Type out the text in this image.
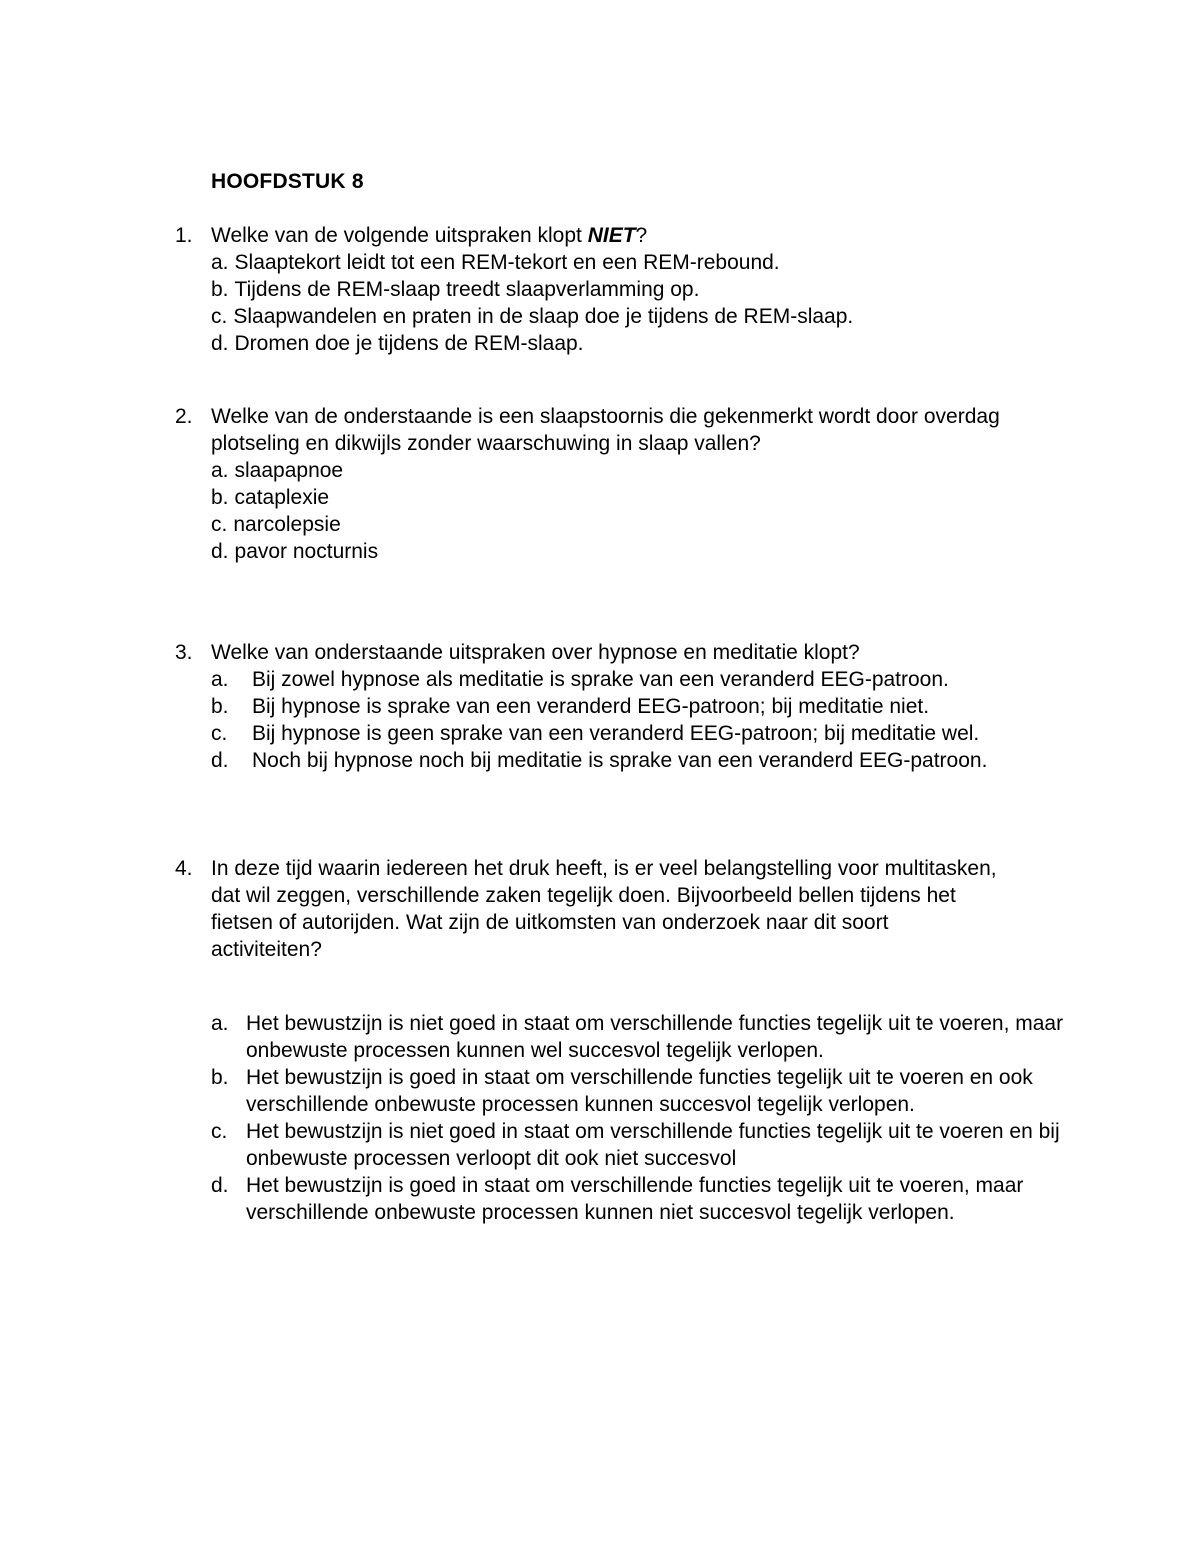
HOOFDSTUK 8
1. Welke van de volgende uitspraken klopt NIET?
a. Slaaptekort leidt tot een REM-tekort en een REM-rebound.
b. Tijdens de REM-slaap treedt slaapverlamming op.
c. Slaapwandelen en praten in de slaap doe je tijdens de REM-slaap.
d. Dromen doe je tijdens de REM-slaap.
2. Welke van de onderstaande is een slaapstoornis die gekenmerkt wordt door overdag plotseling en dikwijls zonder waarschuwing in slaap vallen?
a. slaapapnoe
b. cataplexie
c. narcolepsie
d. pavor nocturnis
3. Welke van onderstaande uitspraken over hypnose en meditatie klopt?
a. Bij zowel hypnose als meditatie is sprake van een veranderd EEG-patroon.
b. Bij hypnose is sprake van een veranderd EEG-patroon; bij meditatie niet.
c. Bij hypnose is geen sprake van een veranderd EEG-patroon; bij meditatie wel.
d. Noch bij hypnose noch bij meditatie is sprake van een veranderd EEG-patroon.
4. In deze tijd waarin iedereen het druk heeft, is er veel belangstelling voor multitasken, dat wil zeggen, verschillende zaken tegelijk doen. Bijvoorbeeld bellen tijdens het fietsen of autorijden. Wat zijn de uitkomsten van onderzoek naar dit soort activiteiten?
a. Het bewustzijn is niet goed in staat om verschillende functies tegelijk uit te voeren, maar onbewuste processen kunnen wel succesvol tegelijk verlopen.
b. Het bewustzijn is goed in staat om verschillende functies tegelijk uit te voeren en ook verschillende onbewuste processen kunnen succesvol tegelijk verlopen.
c. Het bewustzijn is niet goed in staat om verschillende functies tegelijk uit te voeren en bij onbewuste processen verloopt dit ook niet succesvol
d. Het bewustzijn is goed in staat om verschillende functies tegelijk uit te voeren, maar verschillende onbewuste processen kunnen niet succesvol tegelijk verlopen.
